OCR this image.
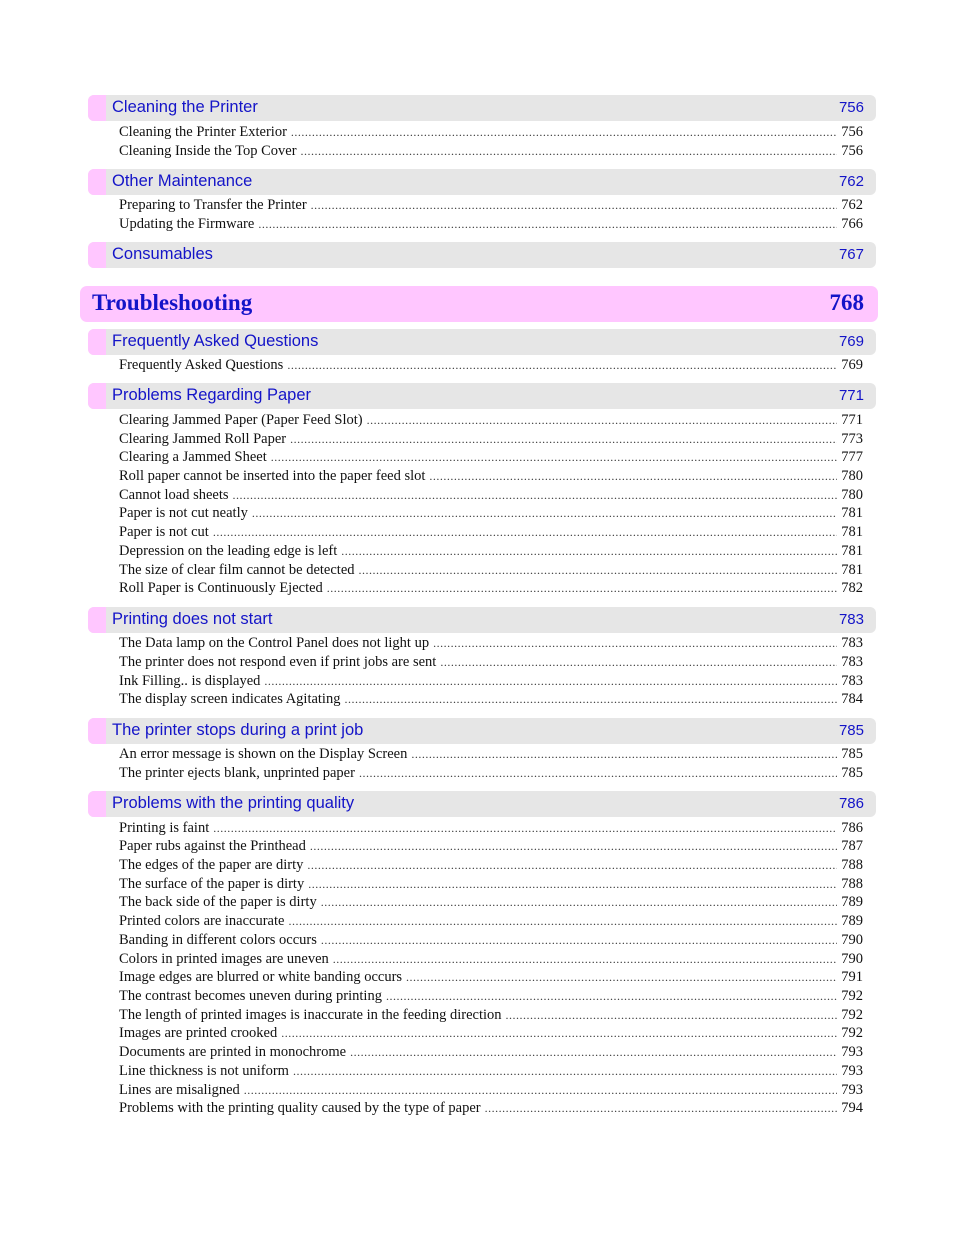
Cleaning the Printer	756
Cleaning the Printer Exterior .....	756
Cleaning Inside the Top Cover .....	756
Other Maintenance	762
Preparing to Transfer the Printer .....	762
Updating the Firmware .....	766
Consumables	767
Troubleshooting	768
Frequently Asked Questions	769
Frequently Asked Questions .....	769
Problems Regarding Paper	771
Clearing Jammed Paper (Paper Feed Slot) .....	771
Clearing Jammed Roll Paper .....	773
Clearing a Jammed Sheet .....	777
Roll paper cannot be inserted into the paper feed slot .....	780
Cannot load sheets .....	780
Paper is not cut neatly .....	781
Paper is not cut .....	781
Depression on the leading edge is left .....	781
The size of clear film cannot be detected .....	781
Roll Paper is Continuously Ejected .....	782
Printing does not start	783
The Data lamp on the Control Panel does not light up .....	783
The printer does not respond even if print jobs are sent .....	783
Ink Filling.. is displayed .....	783
The display screen indicates Agitating .....	784
The printer stops during a print job	785
An error message is shown on the Display Screen .....	785
The printer ejects blank, unprinted paper .....	785
Problems with the printing quality	786
Printing is faint .....	786
Paper rubs against the Printhead .....	787
The edges of the paper are dirty .....	788
The surface of the paper is dirty .....	788
The back side of the paper is dirty .....	789
Printed colors are inaccurate .....	789
Banding in different colors occurs .....	790
Colors in printed images are uneven .....	790
Image edges are blurred or white banding occurs .....	791
The contrast becomes uneven during printing .....	792
The length of printed images is inaccurate in the feeding direction .....	792
Images are printed crooked .....	792
Documents are printed in monochrome .....	793
Line thickness is not uniform .....	793
Lines are misaligned .....	793
Problems with the printing quality caused by the type of paper .....	794
